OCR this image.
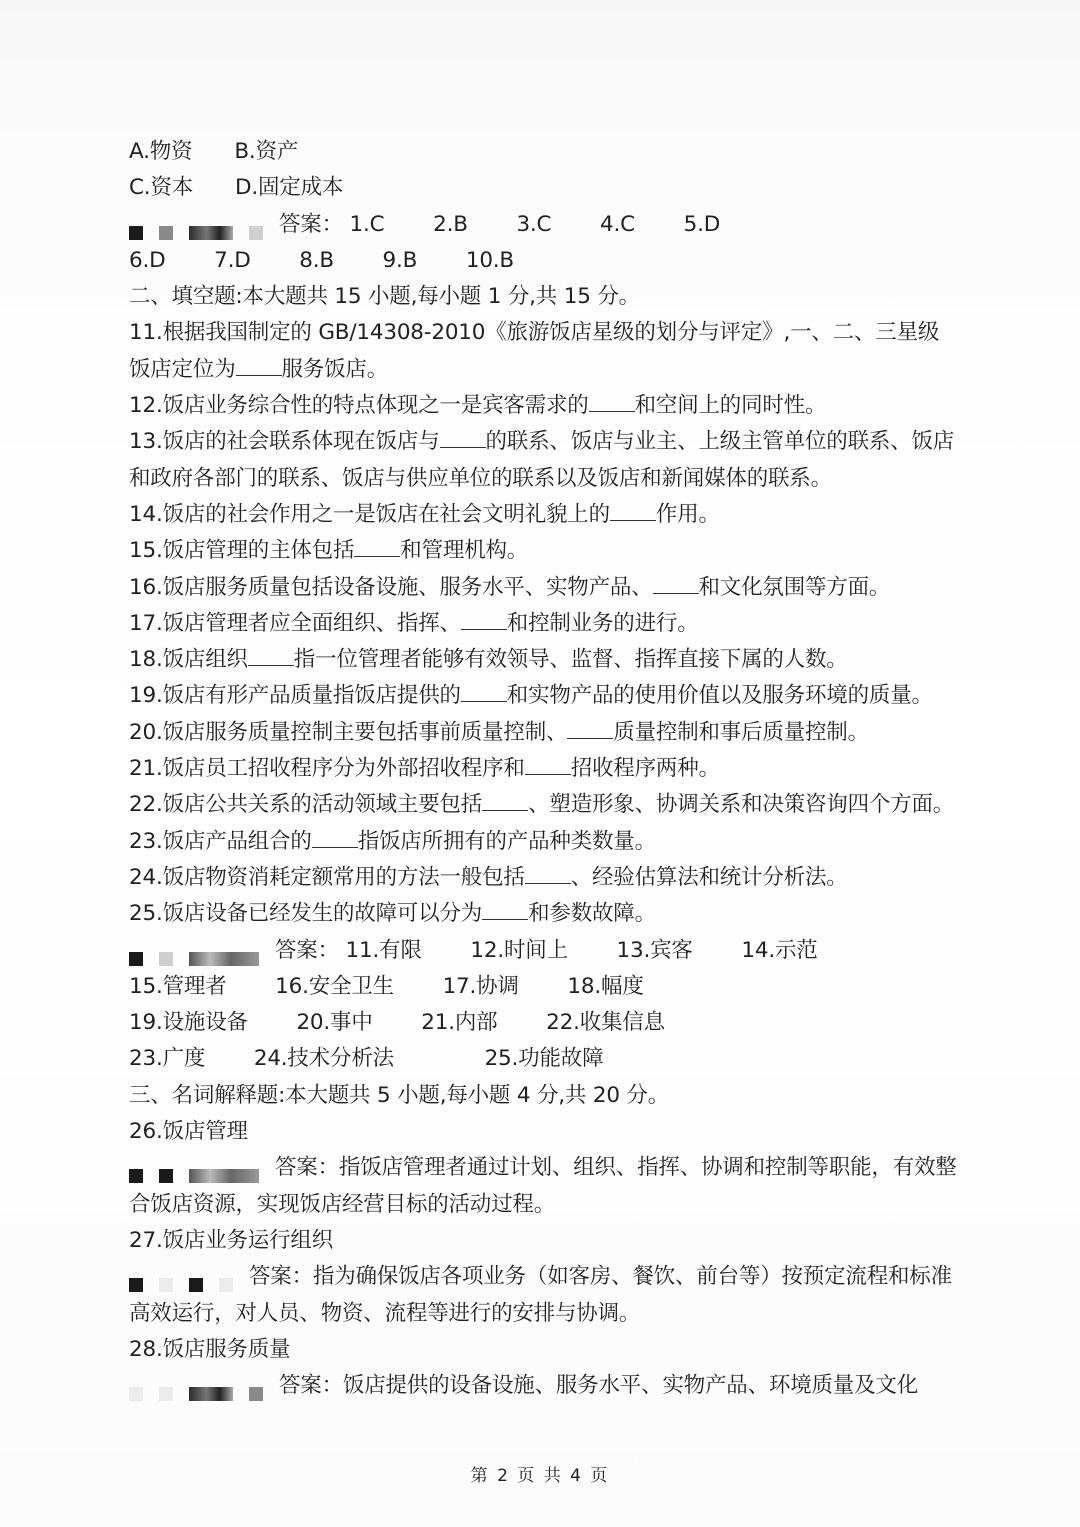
A.物资 B.资产
C.资本 D.固定成本
答案： 1.C 2.B 3.C 4.C 5.D
6.D 7.D 8.B 9.B 10.B
二、填空题:本大题共 15 小题,每小题 1 分,共 15 分。
11.根据我国制定的 GB/14308-2010《旅游饭店星级的划分与评定》,一、二、三星级饭店定位为 服务饭店。
12.饭店业务综合性的特点体现之一是宾客需求的 和空间上的同时性。
13.饭店的社会联系体现在饭店与 的联系、饭店与业主、上级主管单位的联系、饭店和政府各部门的联系、饭店与供应单位的联系以及饭店和新闻媒体的联系。
14.饭店的社会作用之一是饭店在社会文明礼貌上的 作用。
15.饭店管理的主体包括 和管理机构。
16.饭店服务质量包括设备设施、服务水平、实物产品、 和文化氛围等方面。
17.饭店管理者应全面组织、指挥、 和控制业务的进行。
18.饭店组织 指一位管理者能够有效领导、监督、指挥直接下属的人数。
19.饭店有形产品质量指饭店提供的 和实物产品的使用价值以及服务环境的质量。
20.饭店服务质量控制主要包括事前质量控制、 质量控制和事后质量控制。
21.饭店员工招收程序分为外部招收程序和 招收程序两种。
22.饭店公共关系的活动领域主要包括 、塑造形象、协调关系和决策咨询四个方面。
23.饭店产品组合的 指饭店所拥有的产品种类数量。
24.饭店物资消耗定额常用的方法一般包括 、经验估算法和统计分析法。
25.饭店设备已经发生的故障可以分为 和参数故障。
答案： 11.有限 12.时间上 13.宾客 14.示范
15.管理者 16.安全卫生 17.协调 18.幅度
19.设施设备 20.事中 21.内部 22.收集信息
23.广度 24.技术分析法	25.功能故障
三、名词解释题:本大题共 5 小题,每小题 4 分,共 20 分。
26.饭店管理
答案：指饭店管理者通过计划、组织、指挥、协调和控制等职能，有效整合饭店资源，实现饭店经营目标的活动过程。
27.饭店业务运行组织
答案：指为确保饭店各项业务（如客房、餐饮、前台等）按预定流程和标准高效运行，对人员、物资、流程等进行的安排与协调。
28.饭店服务质量
答案：饭店提供的设备设施、服务水平、实物产品、环境质量及文化
第 2 页 共 4 页
